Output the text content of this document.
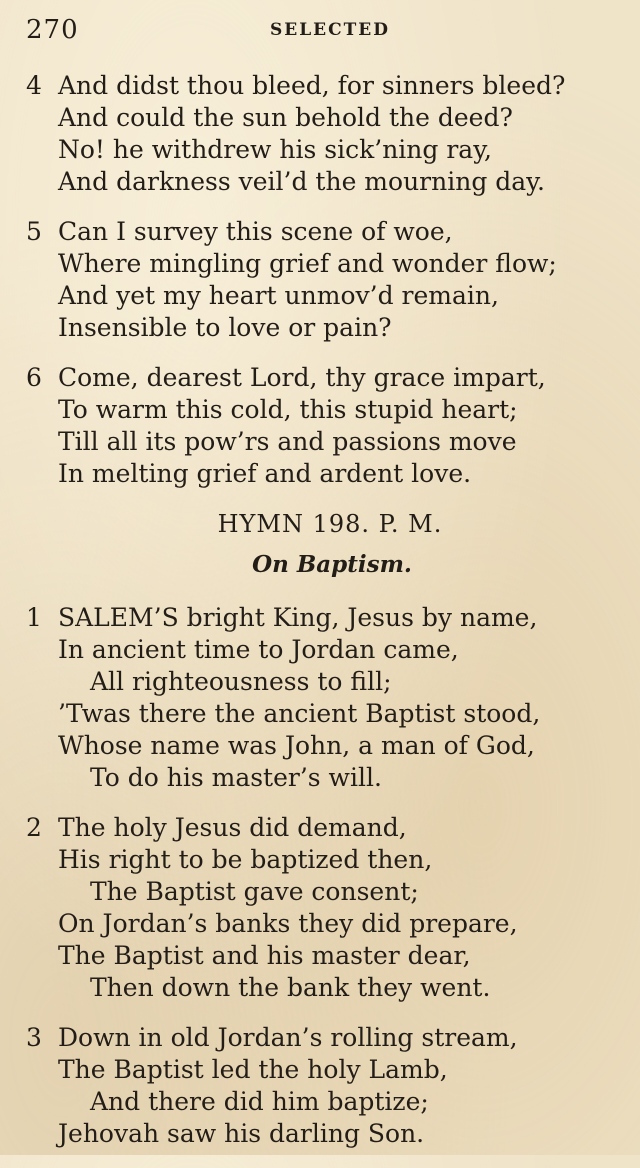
270	SELECTED
4 And didst thou bleed, for sinners bleed?
And could the sun behold the deed?
No! he withdrew his sick’ning ray,
And darkness veil’d the mourning day.
5 Can I survey this scene of woe,
Where mingling grief and wonder flow;
And yet my heart unmov’d remain,
Insensible to love or pain?
6 Come, dearest Lord, thy grace impart,
To warm this cold, this stupid heart;
Till all its pow’rs and passions move
In melting grief and ardent love.
HYMN 198. P. M.
On Baptism.
1 SALEM’S bright King, Jesus by name,
In ancient time to Jordan came,
All righteousness to fill;
’Twas there the ancient Baptist stood,
Whose name was John, a man of God,
To do his master’s will.
2 The holy Jesus did demand,
His right to be baptized then,
The Baptist gave consent;
On Jordan’s banks they did prepare,
The Baptist and his master dear,
Then down the bank they went.
3 Down in old Jordan’s rolling stream,
The Baptist led the holy Lamb,
And there did him baptize;
Jehovah saw his darling Son.
